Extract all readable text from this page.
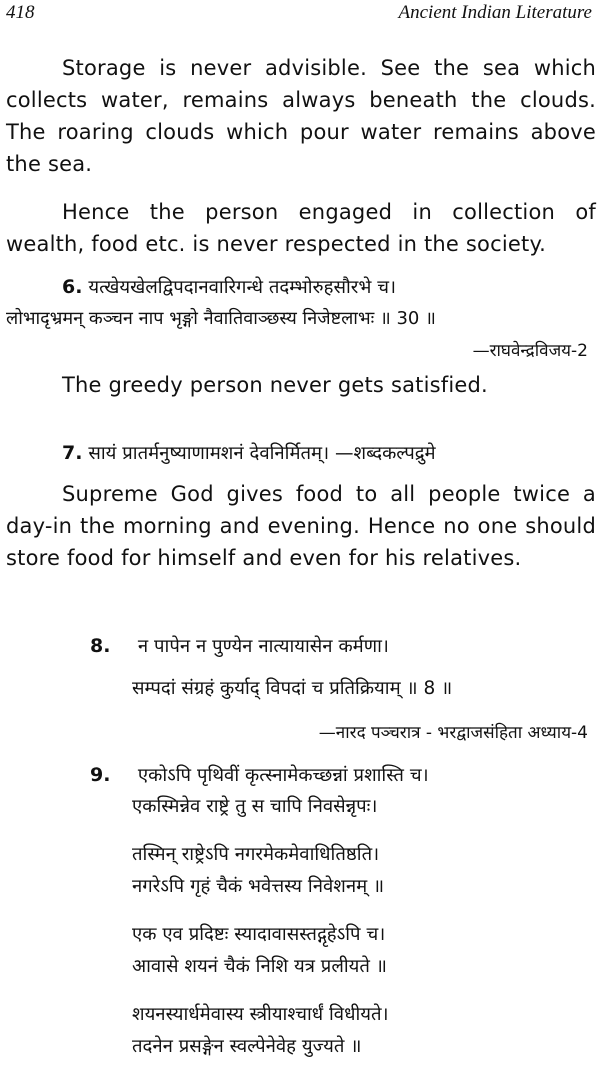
418	Ancient Indian Literature
Storage is never advisible. See the sea which collects water, remains always beneath the clouds. The roaring clouds which pour water remains above the sea.
Hence the person engaged in collection of wealth, food etc. is never respected in the society.
6. यत्खेयखेलद्विपदानवारिगन्धे तदम्भोरुहसौरभे च।
लोभादृभ्रमन् कञ्चन नाप भृङ्गो नैवातिवाञ्छस्य निजेष्टलाभः ॥ 30 ॥
—राघवेन्द्रविजय-2
The greedy person never gets satisfied.
7. सायं प्रातर्मनुष्याणामशनं देवनिर्मितम्। —शब्दकल्पद्रुमे
Supreme God gives food to all people twice a day-in the morning and evening. Hence no one should store food for himself and even for his relatives.
8. न पापेन न पुण्येन नात्यायासेन कर्मणा।
सम्पदां संग्रहं कुर्याद् विपदां च प्रतिक्रियाम् ॥ 8 ॥
—नारद पञ्चरात्र - भरद्वाजसंहिता अध्याय-4
9. एकोऽपि पृथिवीं कृत्स्नामेकच्छन्नां प्रशास्ति च।
एकस्मिन्नेव राष्ट्रे तु स चापि निवसेन्नृपः।
तस्मिन् राष्ट्रेऽपि नगरमेकमेवाधितिष्ठति।
नगरेऽपि गृहं चैकं भवेत्तस्य निवेशनम् ॥
एक एव प्रदिष्टः स्यादावासस्तद्गृहेऽपि च।
आवासे शयनं चैकं निशि यत्र प्रलीयते ॥
शयनस्यार्धमेवास्य स्त्रीयाश्चार्धं विधीयते।
तदनेन प्रसङ्गेन स्वल्पेनेवेह युज्यते ॥
